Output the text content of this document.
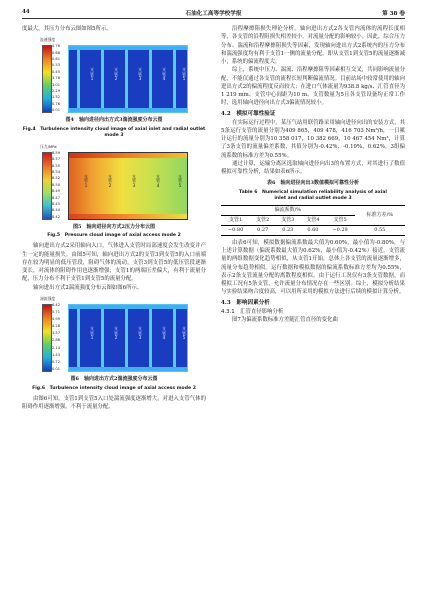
44	石油化工高等学校学报	第 38 卷

度最大，其压力分布云图如图5所示。

流速强度
0.76
0.68
0.61
0.53
0.45
3.76
3.01
2.29
1.52
0.76
0.01
支管1
支管2
支管3
支管4
支管5
图4　轴向进径向出方式3湍流强度分布云图
Fig.4　Turbulence intensity cloud image of axial inlet and radial outlet mode 3
压力/MPa
8.59
8.57
8.55
8.54
8.52
8.50
8.49
8.47
8.45
8.44
8.42
支管1
支管2
支管3
支管4
支管5
图5　轴向进径向方式2压力分布云图
Fig.5　Pressure cloud image of axial access mode 2

轴向进出方式2采用轴向入口，气体进入支管时局部速度会发生改变并产生一定的能量损失。由图5可知，轴向进出方式2的支管3到支管5的入口前端存在较为明显的低压管段，阻碍气体的流动，支管3到支管5的低压管段逐渐变长，对流体的阻碍作用也逐渐增强；支管1的两端压差偏大，有利于流量分配，压力分布不利于支管1到支管5的流量分配。

轴向进出方式2湍流强度分布云图如图6所示。

湍流强度
6.42
5.71
4.99
4.28
3.57
2.86
2.14
1.43
0.72
0.01
支管1
支管2
支管3
支管4
支管5
图6　轴向进出方式2湍流强度分布云图
Fig.6　Turbulence intensity cloud image of axial access mode 2

由图6可知，支管1到支管5入口处湍流强度逐渐增大，对进入支管气体的阻碍作用逐渐增强，不利于流量分配。

沿程摩擦阻损失理论分析。轴向进出方式2各支管内流体的流程长度相等，各支管的沿程阻损失相差较小，对流量分配的影响较小。因此，综合压力分布、湍流和沿程摩擦阻损失等因素，发现轴向进出方式2系统内的压力分布和湍流强度均有利于支管1一侧的流量分配，即从支管1到支管5的流量逐渐减小，系统的偏流程度大。

综上，系统中压力、湍流、沿程摩擦阻等因素相互交叉，共同影响流量分配，不能仅通过各支管的流程长短判断偏流情况。目前站场中较常使用的轴向进出方式2的偏流程度反而较大；在进口气体流量为938.8 kg/s、汇管直径为1 219 mm、支管中心间距为10 m、支管数量为5且各支管设备均正常工作时，选用轴向进径向出方式3偏流情况较小。

4.2　模拟可靠性验证

在实际运行过程中，某压气站用联管路采用轴向进径向出的安装方式，其5条运行支管的流量分别为409 865，409 478，416 703 Nm³/h，一日累计运行的流量分别为10 358 017，10 382 669，10 467 454 Nm³，计算了3条支管的流量偏差系数，其值分别为-0.42%、-0.19%、0.62%，3组偏流系数的标准方差为0.55%。

通过计算，运输分离区选取轴向进径向出3的布置方式，对其进行了数值模拟可靠性分析，结果如表6所示。

表6　轴向进径向出3数值模拟可靠性分析
Table 6　Numerical simulation reliability analysis of axial
inlet and radial outlet mode 3
偏流系数/%					标准方差/%
支管1	支管2	支管3	支管4	支管5	
−0.80	0.27	0.23	0.60	−0.29	0.55

由表6可知，模拟数据偏流系数最大值为0.60%，最小值为-0.80%，与上述计算数据（偏流系数最大值为0.62%，最小值为-0.42%）接近。支管流量的两组数据变化趋势相似，从支管1开始，总体上各支管的流量逐渐增多，流量分布趋势相似。运行数据和模拟数据的偏流系数标准方差均为0.55%，表示2条支管流量分配的离散程度相似。由于运行工况仅有3条支管数据，而模拟工况有5条支管，允许流量分布情况存在一些区别。综上，模拟分析结果与实验结果吻合度较高，可以用所采用的模拟方法进行后续的模拟计算分析。

4.3　影响因素分析
4.3.1　汇管直径影响分析

图7为偏流系数标准方差随汇管直径的变化曲
